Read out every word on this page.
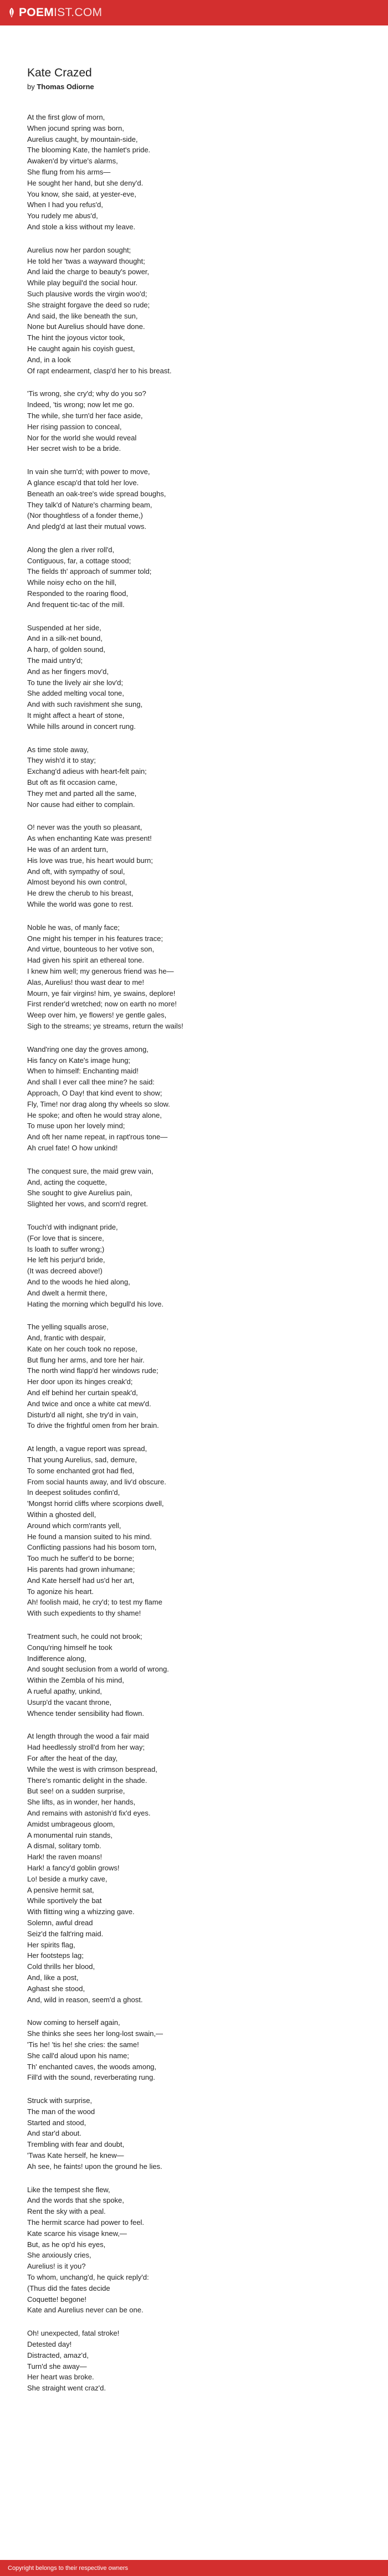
POEM IST.COM
Kate Crazed
by Thomas Odiorne
At the first glow of morn,
When jocund spring was born,
Aurelius caught, by mountain-side,
The blooming Kate, the hamlet's pride.
Awaken'd by virtue's alarms,
She flung from his arms—
He sought her hand, but she deny'd.
You know, she said, at yester-eve,
When I had you refus'd,
You rudely me abus'd,
And stole a kiss without my leave.
Aurelius now her pardon sought;
He told her 'twas a wayward thought;
And laid the charge to beauty's power,
While play beguil'd the social hour.
Such plausive words the virgin woo'd;
She straight forgave the deed so rude;
And said, the like beneath the sun,
None but Aurelius should have done.
The hint the joyous victor took,
He caught again his coyish guest,
And, in a look
Of rapt endearment, clasp'd her to his breast.
'Tis wrong, she cry'd; why do you so?
Indeed, 'tis wrong; now let me go.
The while, she turn'd her face aside,
Her rising passion to conceal,
Nor for the world she would reveal
Her secret wish to be a bride.
In vain she turn'd; with power to move,
A glance escap'd that told her love.
Beneath an oak-tree's wide spread boughs,
They talk'd of Nature's charming beam,
(Nor thoughtless of a fonder theme,)
And pledg'd at last their mutual vows.
Along the glen a river roll'd,
Contiguous, far, a cottage stood;
The fields th' approach of summer told;
While noisy echo on the hill,
Responded to the roaring flood,
And frequent tic-tac of the mill.
Suspended at her side,
And in a silk-net bound,
A harp, of golden sound,
The maid untry'd;
And as her fingers mov'd,
To tune the lively air she lov'd;
She added melting vocal tone,
And with such ravishment she sung,
It might affect a heart of stone,
While hills around in concert rung.
As time stole away,
They wish'd it to stay;
Exchang'd adieus with heart-felt pain;
But oft as fit occasion came,
They met and parted all the same,
Nor cause had either to complain.
O! never was the youth so pleasant,
As when enchanting Kate was present!
He was of an ardent turn,
His love was true, his heart would burn;
And oft, with sympathy of soul,
Almost beyond his own control,
He drew the cherub to his breast,
While the world was gone to rest.
Noble he was, of manly face;
One might his temper in his features trace;
And virtue, bounteous to her votive son,
Had given his spirit an ethereal tone.
I knew him well; my generous friend was he—
Alas, Aurelius! thou wast dear to me!
Mourn, ye fair virgins! him, ye swains, deplore!
First render'd wretched; now on earth no more!
Weep over him, ye flowers! ye gentle gales,
Sigh to the streams; ye streams, return the wails!
Wand'ring one day the groves among,
His fancy on Kate's image hung;
When to himself: Enchanting maid!
And shall I ever call thee mine? he said:
Approach, O Day! that kind event to show;
Fly, Time! nor drag along thy wheels so slow.
He spoke; and often he would stray alone,
To muse upon her lovely mind;
And oft her name repeat, in rapt'rous tone—
Ah cruel fate! O how unkind!
The conquest sure, the maid grew vain,
And, acting the coquette,
She sought to give Aurelius pain,
Slighted her vows, and scorn'd regret.
Touch'd with indignant pride,
(For love that is sincere,
Is loath to suffer wrong;)
He left his perjur'd bride,
(It was decreed above!)
And to the woods he hied along,
And dwelt a hermit there,
Hating the morning which begull'd his love.
The yelling squalls arose,
And, frantic with despair,
Kate on her couch took no repose,
But flung her arms, and tore her hair.
The north wind flapp'd her windows rude;
Her door upon its hinges creak'd;
And elf behind her curtain speak'd,
And twice and once a white cat mew'd.
Disturb'd all night, she try'd in vain,
To drive the frightful omen from her brain.
At length, a vague report was spread,
That young Aurelius, sad, demure,
To some enchanted grot had fled,
From social haunts away, and liv'd obscure.
In deepest solitudes confin'd,
'Mongst horrid cliffs where scorpions dwell,
Within a ghosted dell,
Around which corm'rants yell,
He found a mansion suited to his mind.
Conflicting passions had his bosom torn,
Too much he suffer'd to be borne;
His parents had grown inhumane;
And Kate herself had us'd her art,
To agonize his heart.
Ah! foolish maid, he cry'd; to test my flame
With such expedients to thy shame!
Treatment such, he could not brook;
Conqu'ring himself he took
Indifference along,
And sought seclusion from a world of wrong.
Within the Zembla of his mind,
A rueful apathy, unkind,
Usurp'd the vacant throne,
Whence tender sensibility had flown.
At length through the wood a fair maid
Had heedlessly stroll'd from her way;
For after the heat of the day,
While the west is with crimson bespread,
There's romantic delight in the shade.
But see! on a sudden surprise,
She lifts, as in wonder, her hands,
And remains with astonish'd fix'd eyes.
Amidst umbrageous gloom,
A monumental ruin stands,
A dismal, solitary tomb.
Hark! the raven moans!
Hark! a fancy'd goblin grows!
Lo! beside a murky cave,
A pensive hermit sat,
While sportively the bat
With flitting wing a whizzing gave.
Solemn, awful dread
Seiz'd the falt'ring maid.
Her spirits flag,
Her footsteps lag;
Cold thrills her blood,
And, like a post,
Aghast she stood,
And, wild in reason, seem'd a ghost.
Now coming to herself again,
She thinks she sees her long-lost swain,—
'Tis he! 'tis he! she cries: the same!
She call'd aloud upon his name;
Th' enchanted caves, the woods among,
Fill'd with the sound, reverberating rung.
Struck with surprise,
The man of the wood
Started and stood,
And star'd about.
Trembling with fear and doubt,
'Twas Kate herself, he knew—
Ah see, he faints! upon the ground he lies.
Like the tempest she flew,
And the words that she spoke,
Rent the sky with a peal.
The hermit scarce had power to feel.
Kate scarce his visage knew,—
But, as he op'd his eyes,
She anxiously cries,
Aurelius! is it you?
To whom, unchang'd, he quick reply'd:
(Thus did the fates decide
Coquette! begone!
Kate and Aurelius never can be one.
Oh! unexpected, fatal stroke!
Detested day!
Distracted, amaz'd,
Turn'd she away—
Her heart was broke.
She straight went craz'd.
Copyright belongs to their respective owners
